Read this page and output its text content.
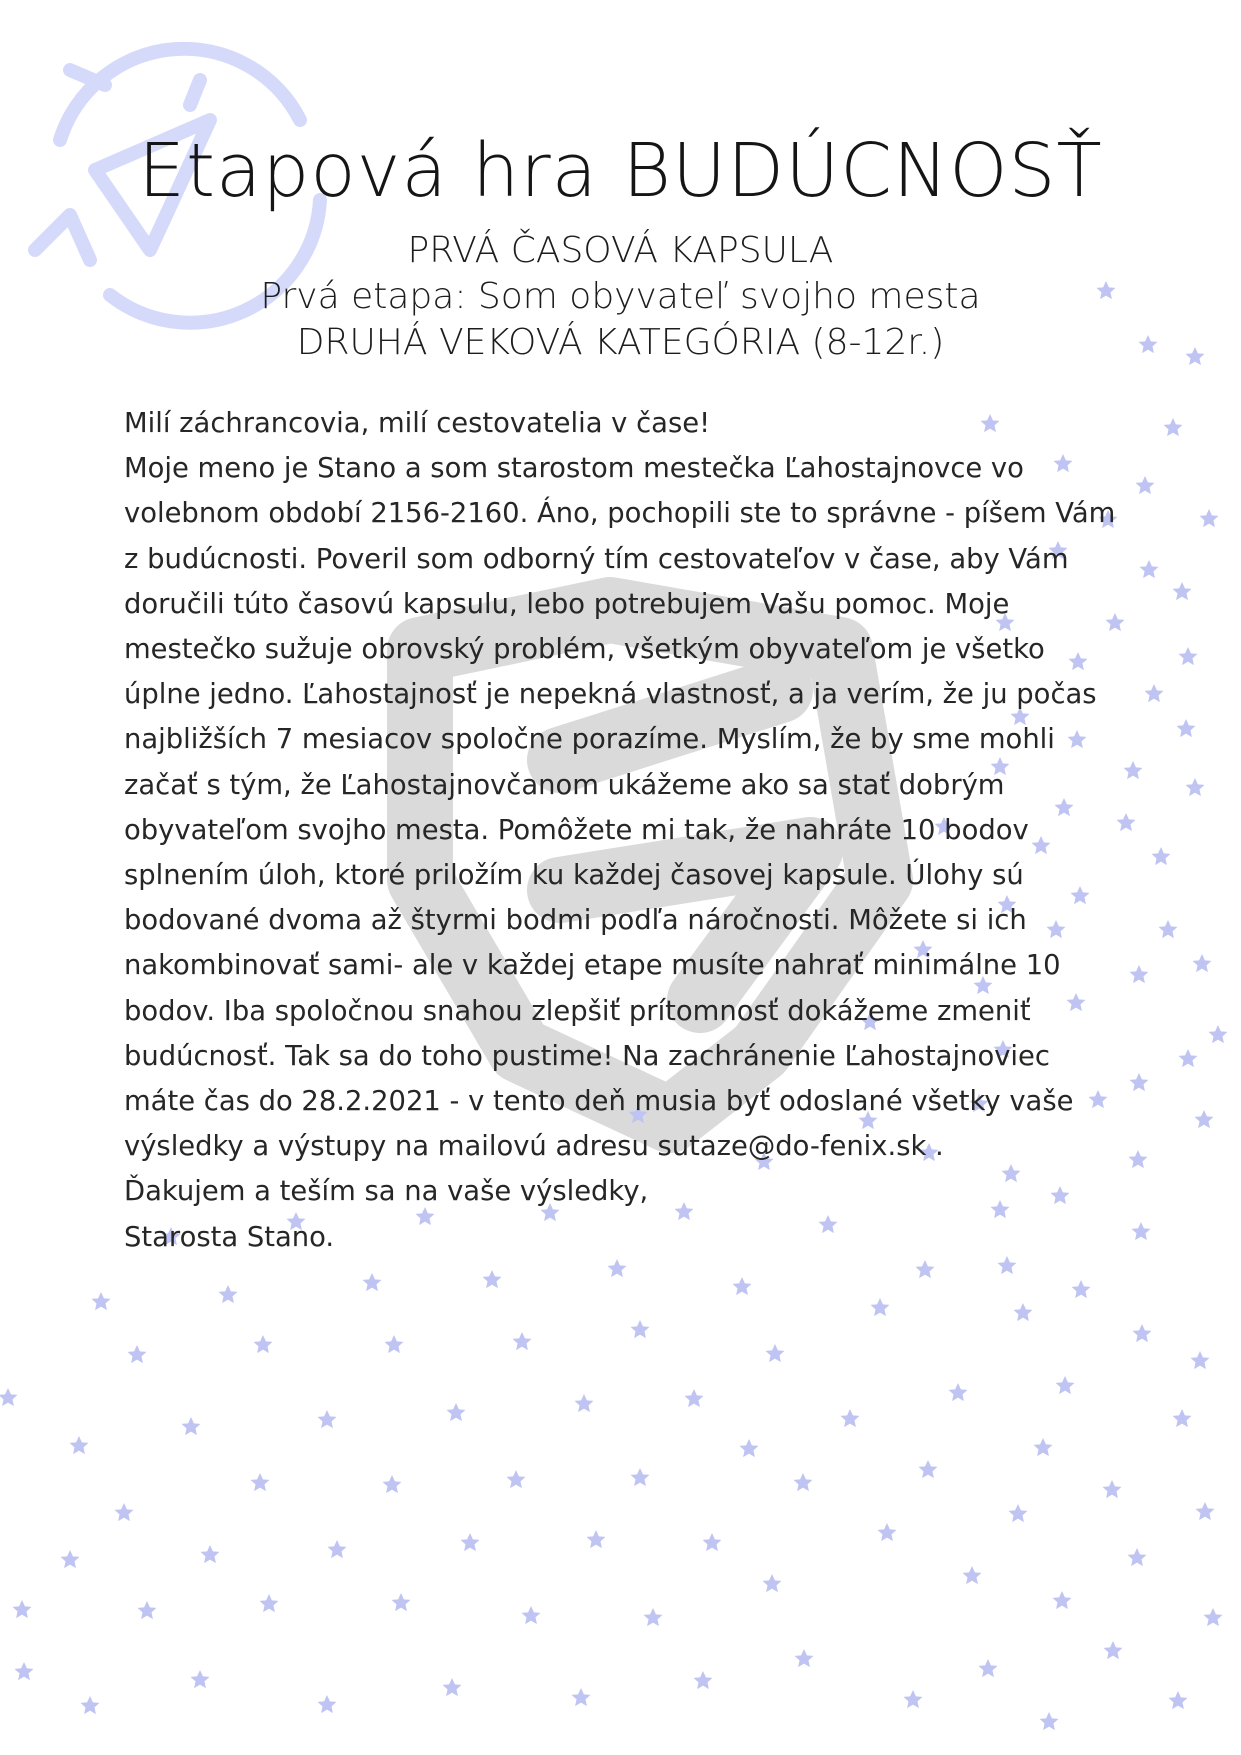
Etapová hra BUDÚCNOSŤ
PRVÁ ČASOVÁ KAPSULA
Prvá etapa: Som obyvateľ svojho mesta
DRUHÁ VEKOVÁ KATEGÓRIA (8-12r.)

Milí záchrancovia, milí cestovatelia v čase!

Moje meno je Stano a som starostom mestečka Ľahostajnovce vo volebnom období 2156-2160. Áno, pochopili ste to správne - píšem Vám z budúcnosti. Poveril som odborný tím cestovateľov v čase, aby Vám doručili túto časovú kapsulu, lebo potrebujem Vašu pomoc. Moje mestečko sužuje obrovský problém, všetkým obyvateľom je všetko úplne jedno. Ľahostajnosť je nepekná vlastnosť, a ja verím, že ju počas najbližších 7 mesiacov spoločne porazíme. Myslím, že by sme mohli začať s tým, že Ľahostajnovčanom ukážeme ako sa stať dobrým obyvateľom svojho mesta. Pomôžete mi tak, že nahráte 10 bodov splnením úloh, ktoré priložím ku každej časovej kapsule. Úlohy sú bodované dvoma až štyrmi bodmi podľa náročnosti. Môžete si ich nakombinovať sami- ale v každej etape musíte nahrať minimálne 10 bodov. Iba spoločnou snahou zlepšiť prítomnosť dokážeme zmeniť budúcnosť. Tak sa do toho pustime! Na zachránenie Ľahostajnoviec máte čas do 28.2.2021 - v tento deň musia byť odoslané všetky vaše výsledky a výstupy na mailovú adresu sutaze@do-fenix.sk .

Ďakujem a teším sa na vaše výsledky,

Starosta Stano.
